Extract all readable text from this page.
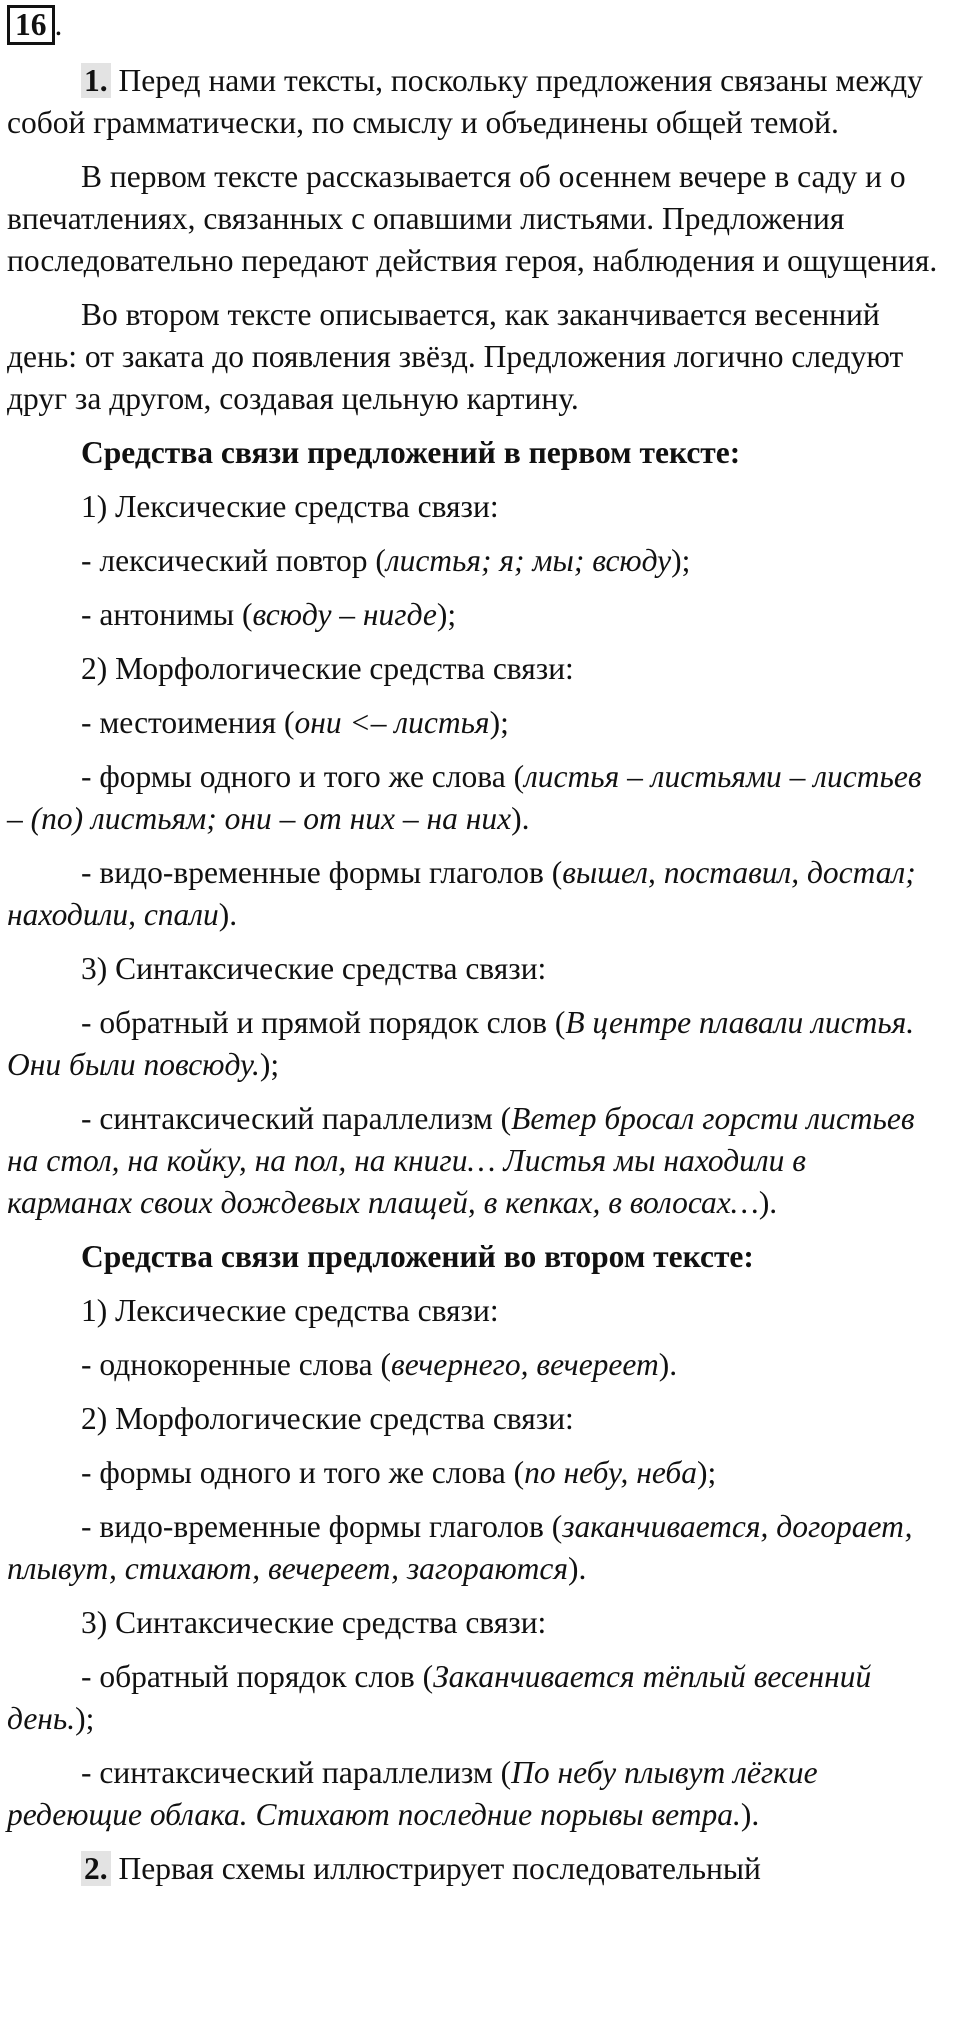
16 .

1. Перед нами тексты, поскольку предложения связаны между собой грамматически, по смыслу и объединены общей темой.

В первом тексте рассказывается об осеннем вечере в саду и о впечатлениях, связанных с опавшими листьями. Предложения последовательно передают действия героя, наблюдения и ощущения.

Во втором тексте описывается, как заканчивается весенний день: от заката до появления звёзд. Предложения логично следуют друг за другом, создавая цельную картину.

Средства связи предложений в первом тексте:

1) Лексические средства связи:

- лексический повтор (листья; я; мы; всюду);

- антонимы (всюду – нигде);

2) Морфологические средства связи:

- местоимения (они <– листья);

- формы одного и того же слова (листья – листьями – листьев – (по) листьям; они – от них – на них).

- видо-временные формы глаголов (вышел, поставил, достал; находили, спали).

3) Синтаксические средства связи:

- обратный и прямой порядок слов (В центре плавали листья. Они были повсюду.);

- синтаксический параллелизм (Ветер бросал горсти листьев на стол, на койку, на пол, на книги… Листья мы находили в карманах своих дождевых плащей, в кепках, в волосах…).

Средства связи предложений во втором тексте:

1) Лексические средства связи:

- однокоренные слова (вечернего, вечереет).

2) Морфологические средства связи:

- формы одного и того же слова (по небу, неба);

- видо-временные формы глаголов (заканчивается, догорает, плывут, стихают, вечереет, загораются).

3) Синтаксические средства связи:

- обратный порядок слов (Заканчивается тёплый весенний день.);

- синтаксический параллелизм (По небу плывут лёгкие редеющие облака. Стихают последние порывы ветра.).

2. Первая схемы иллюстрирует последовательный
